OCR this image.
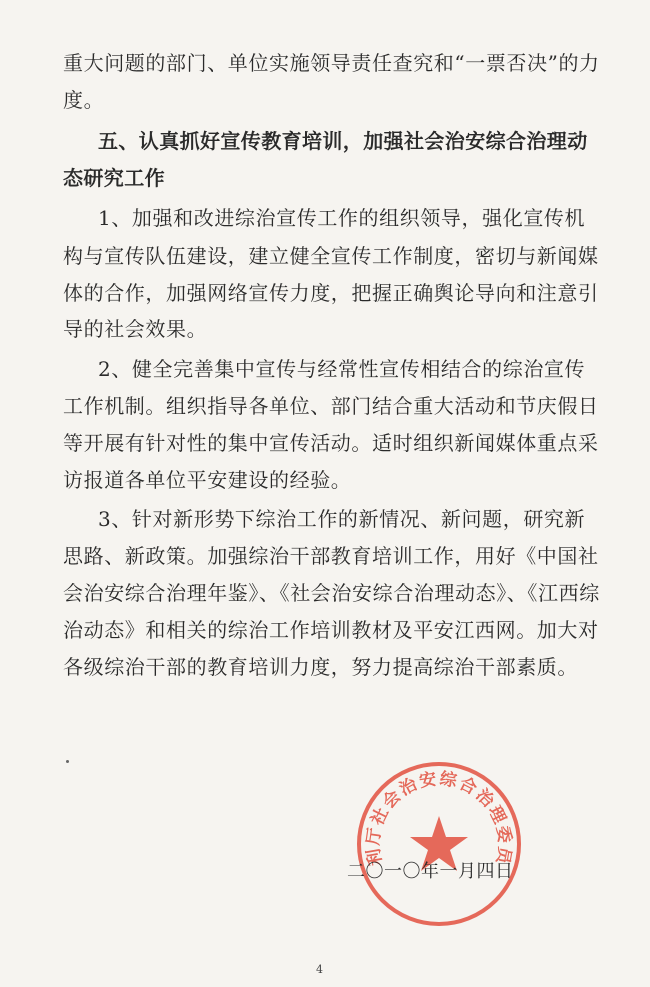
重大问题的部门、单位实施领导责任查究和“一票否决”的力
度。
五、认真抓好宣传教育培训，加强社会治安综合治理动
态研究工作
1、加强和改进综治宣传工作的组织领导，强化宣传机
构与宣传队伍建设，建立健全宣传工作制度，密切与新闻媒
体的合作，加强网络宣传力度，把握正确舆论导向和注意引
导的社会效果。
2、健全完善集中宣传与经常性宣传相结合的综治宣传
工作机制。组织指导各单位、部门结合重大活动和节庆假日
等开展有针对性的集中宣传活动。适时组织新闻媒体重点采
访报道各单位平安建设的经验。
3、针对新形势下综治工作的新情况、新问题，研究新
思路、新政策。加强综治干部教育培训工作，用好《中国社
会治安综合治理年鉴》、《社会治安综合治理动态》、《江西综
治动态》和相关的综治工作培训教材及平安江西网。加大对
各级综治干部的教育培训力度，努力提高综治干部素质。
利厅社会治安综合治理委员
二〇一〇年一月四日
4
